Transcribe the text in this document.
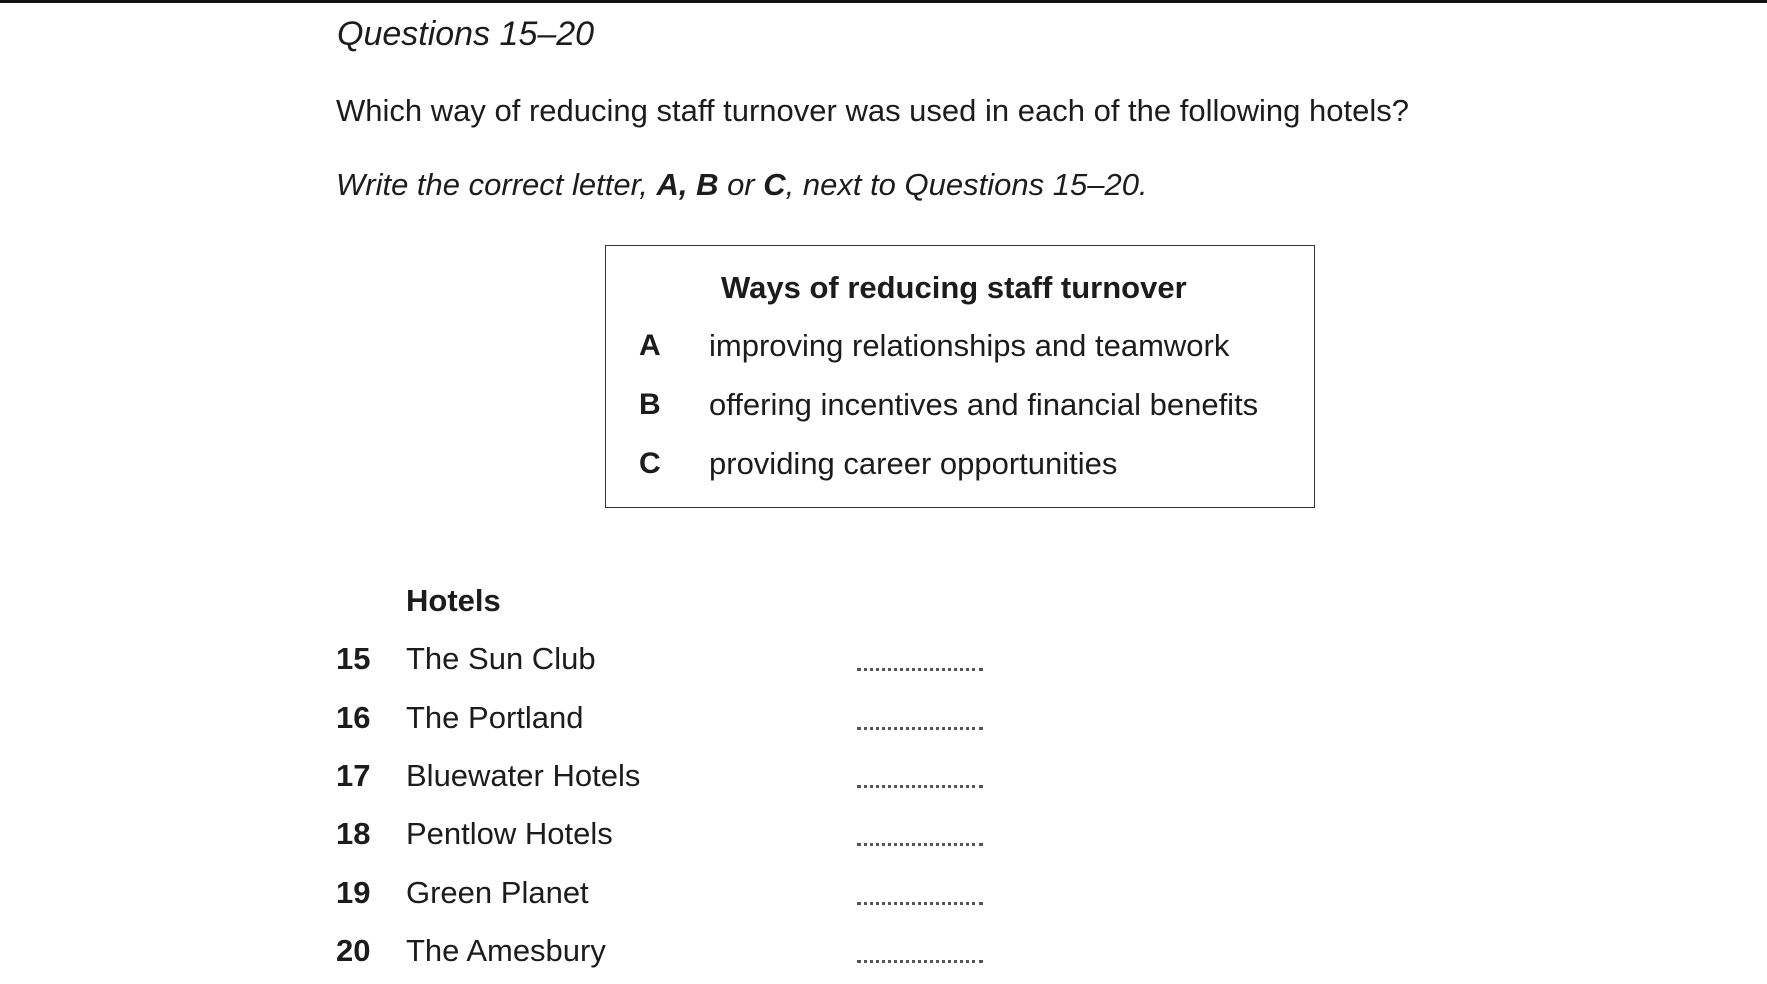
Questions 15–20
Which way of reducing staff turnover was used in each of the following hotels?
Write the correct letter, A, B or C, next to Questions 15–20.
Ways of reducing staff turnover
A improving relationships and teamwork
B offering incentives and financial benefits
C providing career opportunities
Hotels
15 The Sun Club
16 The Portland
17 Bluewater Hotels
18 Pentlow Hotels
19 Green Planet
20 The Amesbury
